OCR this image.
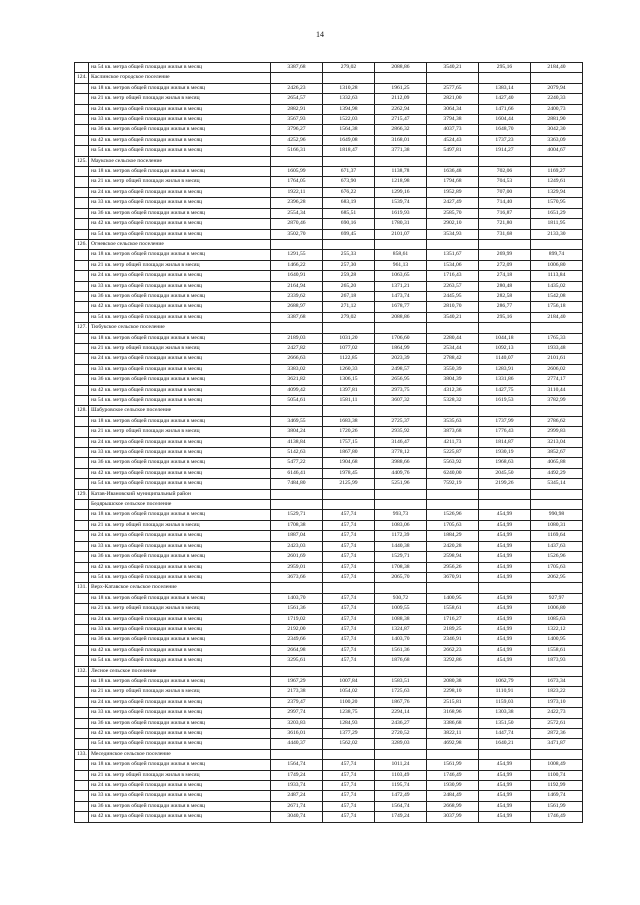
14
	на 54 кв. метра общей площади жилья в месяц	3387,68	279,02	2088,86	3540,21	295,16	2184,40
124.	Каслинское городское поселение						
	на 18 кв. метров общей площади жилья в месяц	2426,23	1310,28	1961,25	2577,65	1383,14	2079,94
	на 21 кв. метр общей площади жилья в месяц	2654,57	1332,63	2112,09	2821,00	1427,40	2240,33
	на 24 кв. метра общей площади жилья в месяц	2882,91	1394,98	2262,94	3064,34	1471,66	2400,73
	на 33 кв. метра общей площади жилья в месяц	3567,93	1522,03	2715,47	3794,38	1604,44	2881,90
	на 36 кв. метров общей площади жилья в месяц	3796,27	1564,38	2866,32	4037,73	1648,70	3042,30
	на 42 кв. метра общей площади жилья в месяц	4252,96	1649,08	3168,01	4524,43	1737,23	3363,09
	на 54 кв. метра общей площади жилья в месяц	5166,31	1818,47	3771,38	5497,81	1914,27	4004,67
125.	Маукское сельское поселение						
	на 18 кв. метров общей площади жилья в месяц	1605,99	671,37	1138,78	1636,48	702,06	1169,27
	на 21 кв. метр общей площади жилья в месяц	1764,05	673,90	1218,98	1794,68	704,53	1249,61
	на 24 кв. метра общей площади жилья в месяц	1922,11	676,22	1299,16	1952,89	707,00	1329,94
	на 33 кв. метра общей площади жилья в месяц	2396,28	683,19	1539,74	2427,49	714,40	1570,95
	на 36 кв. метров общей площади жилья в месяц	2554,34	685,51	1619,93	2585,70	716,87	1651,29
	на 42 кв. метра общей площади жилья в месяц	2870,46	690,16	1780,31	2902,10	721,80	1811,95
	на 54 кв. метра общей площади жилья в месяц	3502,70	699,45	2101,07	3534,93	731,68	2133,30
126.	Огневское сельское поселение						
	на 18 кв. метров общей площади жилья в месяц	1291,55	255,33	858,61	1351,67	269,99	899,74
	на 21 кв. метр общей площади жилья в месяц	1466,22	257,30	961,13	1534,06	272,09	1006,80
	на 24 кв. метра общей площади жилья в месяц	1640,91	259,28	1063,65	1716,43	274,18	1113,84
	на 33 кв. метра общей площади жилья в месяц	2164,94	265,20	1371,21	2263,57	280,48	1435,02
	на 36 кв. метров общей площади жилья в месяц	2339,62	267,18	1473,74	2445,95	282,58	1542,08
	на 42 кв. метра общей площади жилья в месяц	2688,97	271,12	1678,77	2810,70	286,77	1756,18
	на 54 кв. метра общей площади жилья в месяц	3387,68	279,02	2088,86	3540,21	295,16	2184,40
127.	Тюбукское сельское поселение						
	на 18 кв. метров общей площади жилья в месяц	2189,03	1031,20	1706,60	2280,44	1044,18	1765,33
	на 21 кв. метр общей площади жилья в месяц	2427,82	1077,02	1864,99	2534,44	1092,13	1933,48
	на 24 кв. метра общей площади жилья в месяц	2666,63	1122,85	2023,39	2788,42	1140,07	2101,61
	на 33 кв. метра общей площади жилья в месяц	3383,02	1260,33	2498,57	3550,39	1283,91	2606,02
	на 36 кв. метров общей площади жилья в месяц	3621,82	1306,15	2656,95	3804,39	1331,86	2774,17
	на 42 кв. метра общей площади жилья в месяц	4099,42	1397,81	2973,75	4312,36	1427,75	3110,44
	на 54 кв. метра общей площади жилья в месяц	5054,61	1581,11	3607,32	5328,32	1619,53	3782,99
128.	Шабуровское сельское поселение						
	на 18 кв. метров общей площади жилья в месяц	3469,55	1683,38	2725,37	3535,63	1737,99	2786,62
	на 21 кв. метр общей площади жилья в месяц	3804,24	1720,26	2935,92	3873,68	1776,43	2999,83
	на 24 кв. метра общей площади жилья в месяц	4138,84	1757,15	3146,47	4211,73	1814,87	3213,04
	на 33 кв. метра общей площади жилья в месяц	5142,63	1867,80	3778,12	5225,87	1930,19	3852,67
	на 36 кв. метров общей площади жилья в месяц	5477,22	1904,68	3988,66	5563,92	1968,63	4065,88
	на 42 кв. метра общей площади жилья в месяц	6146,41	1978,45	4409,76	6240,00	2045,50	4492,29
	на 54 кв. метра общей площади жилья в месяц	7484,80	2125,99	5251,96	7592,19	2199,26	5345,14
129.	Катав-Ивановский муниципальный район						
	Бедярышское сельское поселение						
	на 18 кв. метров общей площади жилья в месяц	1529,71	457,74	993,73	1526,96	454,99	990,98
	на 21 кв. метр общей площади жилья в месяц	1708,38	457,74	1083,06	1705,63	454,99	1080,31
	на 24 кв. метра общей площади жилья в месяц	1887,04	457,74	1172,39	1884,29	454,99	1169,64
	на 33 кв. метра общей площади жилья в месяц	2423,03	457,74	1440,38	2420,28	454,99	1437,63
	на 36 кв. метров общей площади жилья в месяц	2601,69	457,74	1529,71	2598,94	454,99	1526,96
	на 42 кв. метра общей площади жилья в месяц	2959,01	457,74	1708,38	2956,26	454,99	1705,63
	на 54 кв. метра общей площади жилья в месяц	3673,66	457,74	2065,70	3670,91	454,99	2062,95
131.	Верх-Катавское сельское поселение						
	на 18 кв. метров общей площади жилья в месяц	1403,70	457,74	930,72	1400,95	454,99	927,97
	на 21 кв. метр общей площади жилья в месяц	1561,36	457,74	1009,55	1558,61	454,99	1006,80
	на 24 кв. метра общей площади жилья в месяц	1719,02	457,74	1088,38	1716,27	454,99	1085,63
	на 33 кв. метра общей площади жилья в месяц	2192,00	457,74	1324,87	2189,25	454,99	1322,12
	на 36 кв. метров общей площади жилья в месяц	2349,66	457,74	1403,70	2346,91	454,99	1400,95
	на 42 кв. метра общей площади жилья в месяц	2664,98	457,74	1561,36	2662,23	454,99	1558,61
	на 54 кв. метра общей площади жилья в месяц	3295,61	457,74	1876,68	3292,86	454,99	1873,93
132.	Лесное сельское поселение						
	на 18 кв. метров общей площади жилья в месяц	1967,29	1007,84	1583,51	2080,38	1062,79	1673,34
	на 21 кв. метр общей площади жилья в месяц	2173,38	1054,02	1725,63	2298,10	1110,91	1823,22
	на 24 кв. метра общей площади жилья в месяц	2379,47	1100,20	1867,76	2515,81	1159,03	1973,10
	на 33 кв. метра общей площади жилья в месяц	2997,74	1238,75	2294,14	3168,96	1303,38	2422,73
	на 36 кв. метров общей площади жилья в месяц	3203,83	1284,93	2436,27	3386,68	1351,50	2572,61
	на 42 кв. метра общей площади жилья в месяц	3616,01	1377,29	2720,52	3822,11	1447,74	2872,36
	на 54 кв. метра общей площади жилья в месяц	4440,37	1562,02	3289,03	4692,98	1640,21	3471,87
133.	Месединское сельское поселение						
	на 18 кв. метров общей площади жилья в месяц	1564,74	457,74	1011,24	1561,99	454,99	1008,49
	на 21 кв. метр общей площади жилья в месяц	1749,24	457,74	1103,49	1746,49	454,99	1100,74
	на 24 кв. метра общей площади жилья в месяц	1933,74	457,74	1195,74	1930,99	454,99	1192,99
	на 33 кв. метра общей площади жилья в месяц	2487,24	457,74	1472,49	2484,49	454,99	1469,74
	на 36 кв. метров общей площади жилья в месяц	2671,74	457,74	1564,74	2668,99	454,99	1561,99
	на 42 кв. метра общей площади жилья в месяц	3040,74	457,74	1749,24	3037,99	454,99	1746,49
